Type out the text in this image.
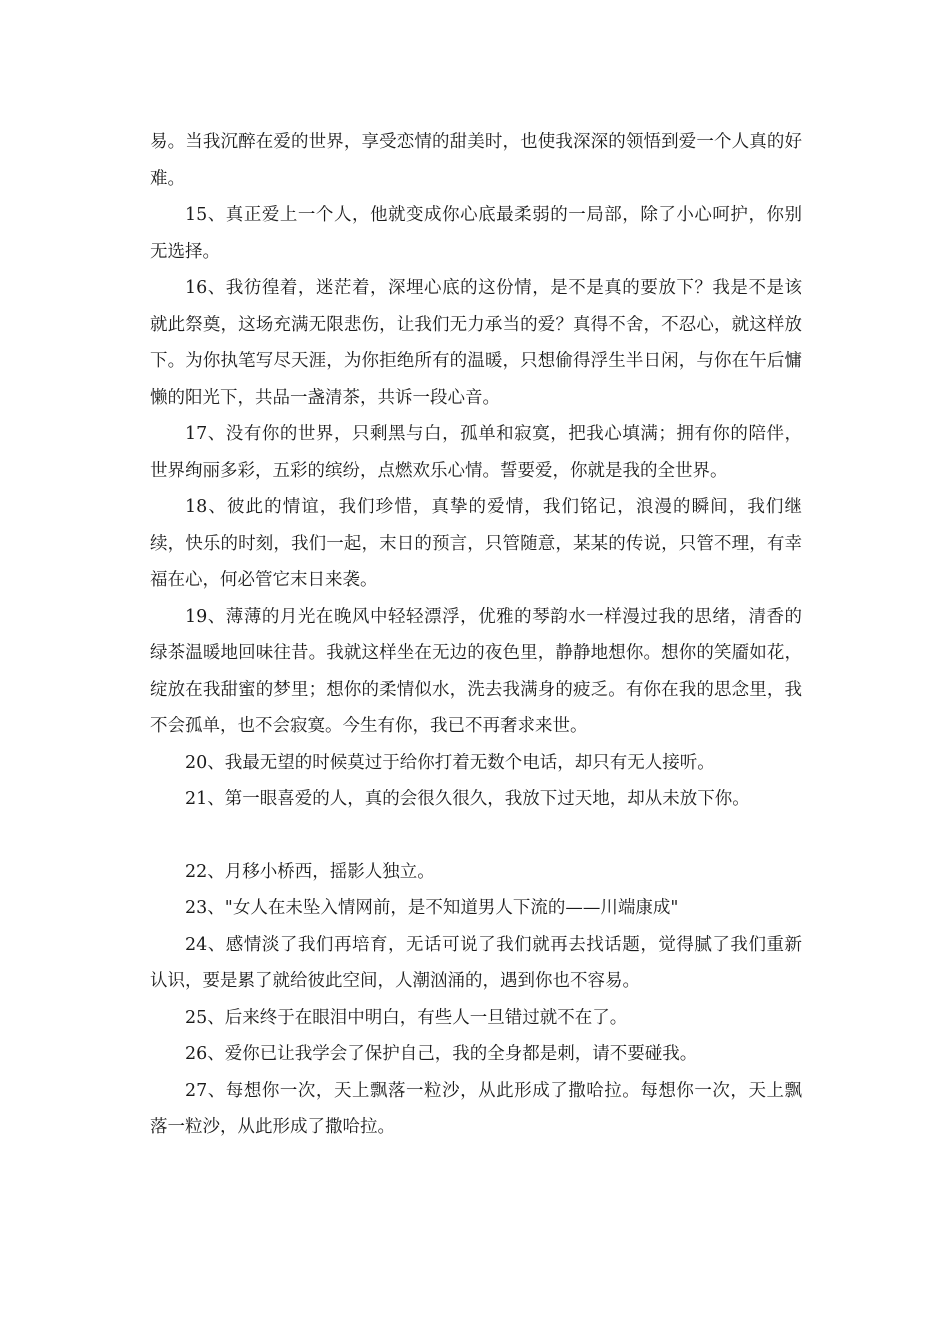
易。当我沉醉在爱的世界，享受恋情的甜美时，也使我深深的领悟到爱一个人真的好难。

15、真正爱上一个人，他就变成你心底最柔弱的一局部，除了小心呵护，你别无选择。

16、我彷徨着，迷茫着，深埋心底的这份情，是不是真的要放下？我是不是该就此祭奠，这场充满无限悲伤，让我们无力承当的爱？真得不舍，不忍心，就这样放下。为你执笔写尽天涯，为你拒绝所有的温暖，只想偷得浮生半日闲，与你在午后慵懒的阳光下，共品一盏清茶，共诉一段心音。

17、没有你的世界，只剩黑与白，孤单和寂寞，把我心填满；拥有你的陪伴，世界绚丽多彩，五彩的缤纷，点燃欢乐心情。誓要爱，你就是我的全世界。

18、彼此的情谊，我们珍惜，真挚的爱情，我们铭记，浪漫的瞬间，我们继续，快乐的时刻，我们一起，末日的预言，只管随意，某某的传说，只管不理，有幸福在心，何必管它末日来袭。

19、薄薄的月光在晚风中轻轻漂浮，优雅的琴韵水一样漫过我的思绪，清香的绿茶温暖地回味往昔。我就这样坐在无边的夜色里，静静地想你。想你的笑靥如花，绽放在我甜蜜的梦里；想你的柔情似水，洗去我满身的疲乏。有你在我的思念里，我不会孤单，也不会寂寞。今生有你，我已不再奢求来世。

20、我最无望的时候莫过于给你打着无数个电话，却只有无人接听。

21、第一眼喜爱的人，真的会很久很久，我放下过天地，却从未放下你。

22、月移小桥西，摇影人独立。

23、"女人在未坠入情网前，是不知道男人下流的——川端康成"

24、感情淡了我们再培育，无话可说了我们就再去找话题，觉得腻了我们重新认识，要是累了就给彼此空间，人潮汹涌的，遇到你也不容易。

25、后来终于在眼泪中明白，有些人一旦错过就不在了。

26、爱你已让我学会了保护自己，我的全身都是刺，请不要碰我。

27、每想你一次，天上飘落一粒沙，从此形成了撒哈拉。每想你一次，天上飘落一粒沙，从此形成了撒哈拉。
